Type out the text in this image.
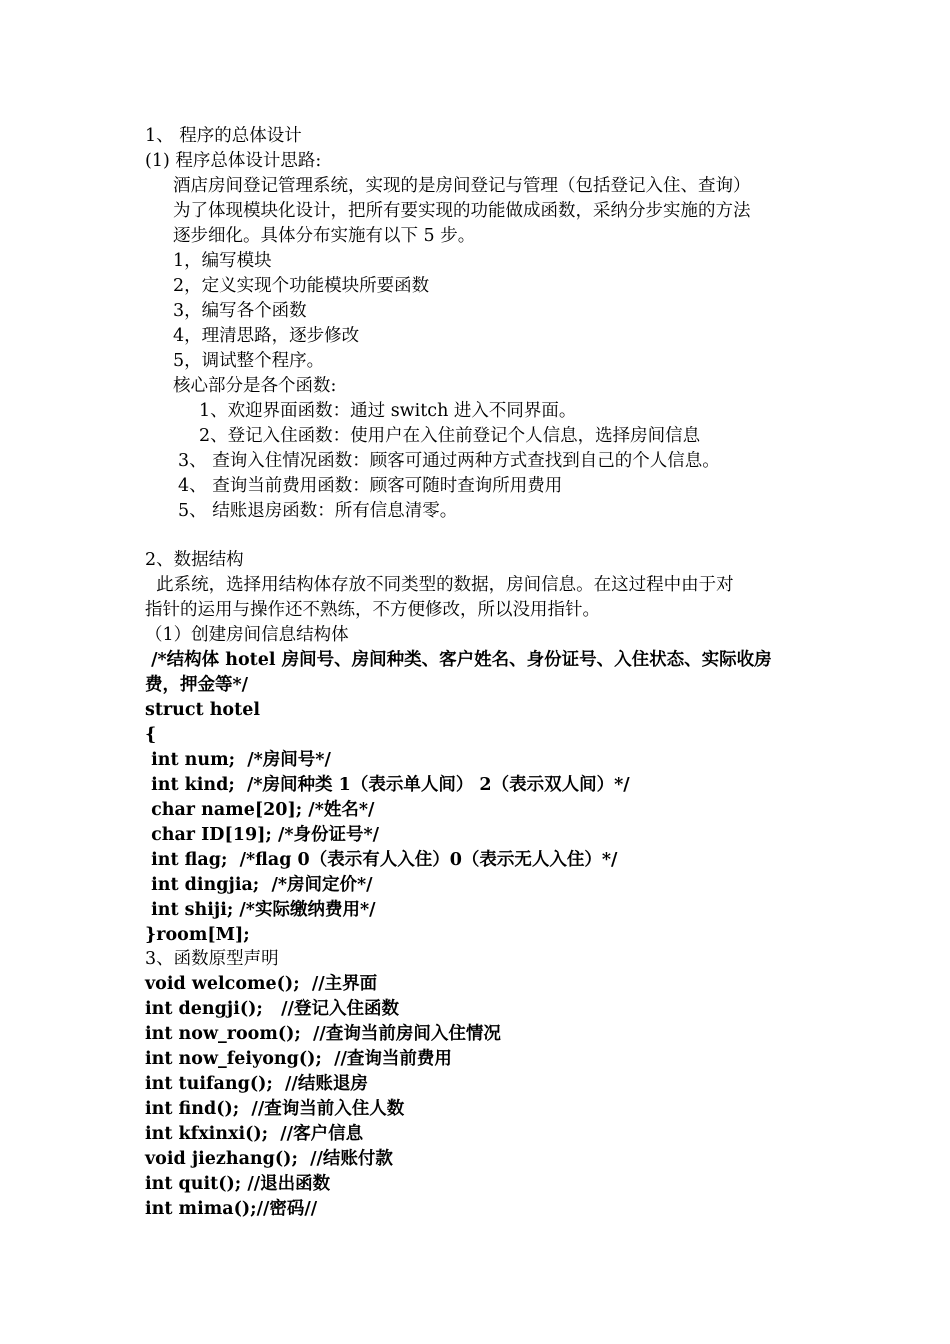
1、 程序的总体设计
(1) 程序总体设计思路:
酒店房间登记管理系统，实现的是房间登记与管理（包括登记入住、查询）
为了体现模块化设计，把所有要实现的功能做成函数，采纳分步实施的方法
逐步细化。具体分布实施有以下 5 步。
1，编写模块
2，定义实现个功能模块所要函数
3，编写各个函数
4，理清思路，逐步修改
5，调试整个程序。
核心部分是各个函数:
1、欢迎界面函数：通过 switch 进入不同界面。
2、登记入住函数：使用户在入住前登记个人信息，选择房间信息
3、 查询入住情况函数：顾客可通过两种方式查找到自己的个人信息。
4、 查询当前费用函数：顾客可随时查询所用费用
5、 结账退房函数：所有信息清零。
2、数据结构
此系统，选择用结构体存放不同类型的数据，房间信息。在这过程中由于对
指针的运用与操作还不熟练，不方便修改，所以没用指针。
（1）创建房间信息结构体
/*结构体 hotel 房间号、房间种类、客户姓名、身份证号、入住状态、实际收房
费，押金等*/
struct hotel
{
int num;  /*房间号*/
int kind;  /*房间种类 1（表示单人间） 2（表示双人间）*/
char name[20]; /*姓名*/
char ID[19]; /*身份证号*/
int flag;  /*flag 0（表示有人入住）0（表示无人入住）*/
int dingjia;  /*房间定价*/
int shiji; /*实际缴纳费用*/
}room[M];
3、函数原型声明
void welcome();  //主界面
int dengji();   //登记入住函数
int now_room();  //查询当前房间入住情况
int now_feiyong();  //查询当前费用
int tuifang();  //结账退房
int find();  //查询当前入住人数
int kfxinxi();  //客户信息
void jiezhang();  //结账付款
int quit(); //退出函数
int mima();//密码//
